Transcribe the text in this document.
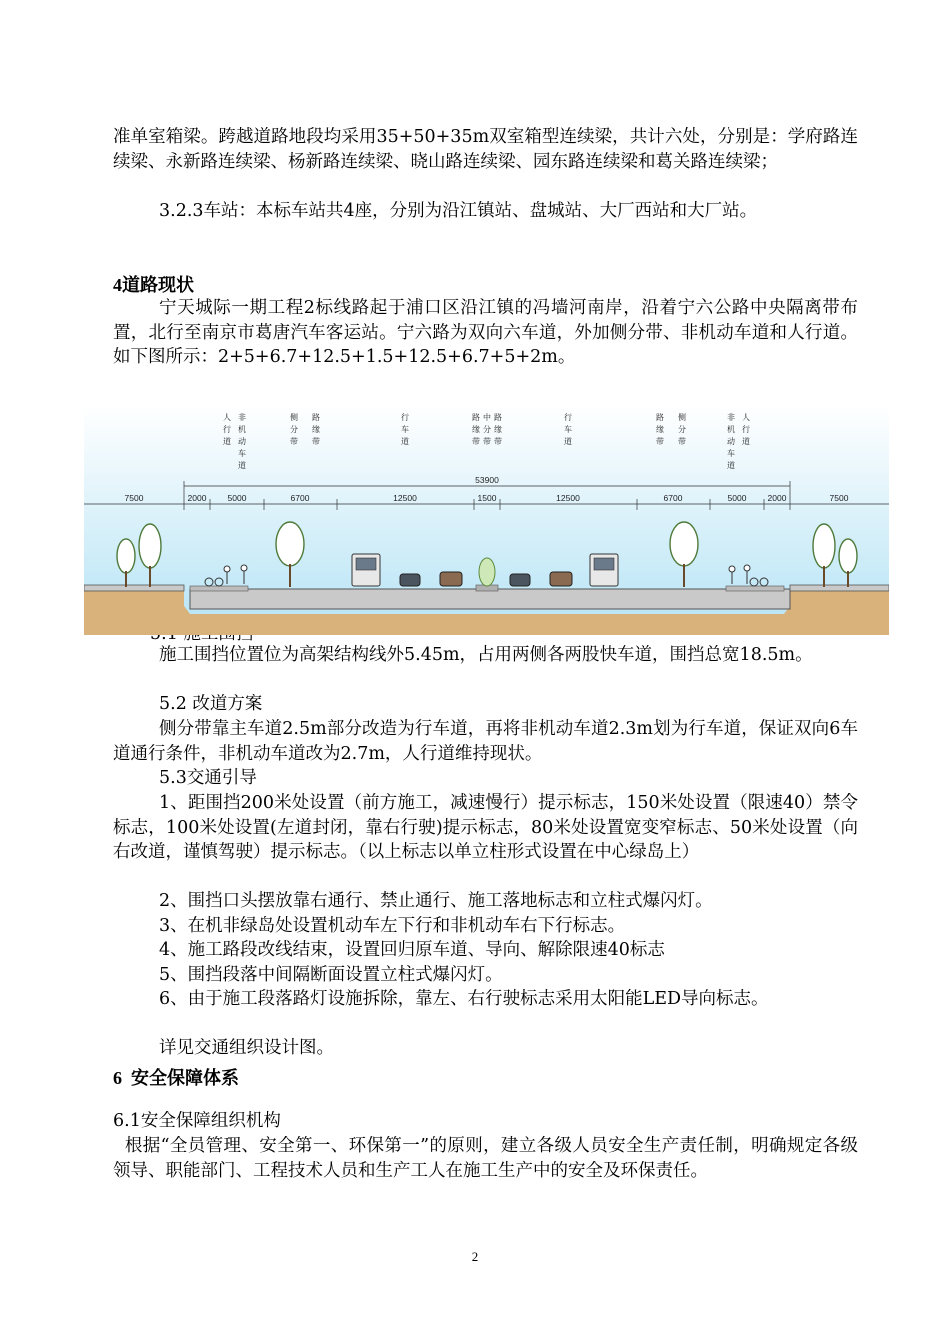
准单室箱梁。跨越道路地段均采用35+50+35m双室箱型连续梁，共计六处，分别是：学府路连续梁、永新路连续梁、杨新路连续梁、晓山路连续梁、园东路连续梁和葛关路连续梁；

3.2.3车站：本标车站共4座，分别为沿江镇站、盘城站、大厂西站和大厂站。

4道路现状

宁天城际一期工程2标线路起于浦口区沿江镇的冯墙河南岸，沿着宁六公路中央隔离带布置，北行至南京市葛唐汽车客运站。宁六路为双向六车道，外加侧分带、非机动车道和人行道。如下图所示：2+5+6.7+12.5+1.5+12.5+6.7+5+2m。

人行道
非机动车道
侧分带
路缘带
行车道
路缘带
中分带
路缘带
行车道
路缘带
侧分带
非机动车道
人行道
53900
7500	2000 5000	6700	12500	1500	12500	6700	5000 2000	7500

施工围挡位置位为高架结构线外5.45m，占用两侧各两股快车道，围挡总宽18.5m。

5.2 改道方案

侧分带靠主车道2.5m部分改造为行车道，再将非机动车道2.3m划为行车道，保证双向6车道通行条件，非机动车道改为2.7m，人行道维持现状。

5.3交通引导

1、距围挡200米处设置（前方施工，减速慢行）提示标志，150米处设置（限速40）禁令标志，100米处设置(左道封闭，靠右行驶)提示标志，80米处设置宽变窄标志、50米处设置（向右改道，谨慎驾驶）提示标志。（以上标志以单立柱形式设置在中心绿岛上）

2、围挡口头摆放靠右通行、禁止通行、施工落地标志和立柱式爆闪灯。

3、在机非绿岛处设置机动车左下行和非机动车右下行标志。

4、施工路段改线结束，设置回归原车道、导向、解除限速40标志

5、围挡段落中间隔断面设置立柱式爆闪灯。

6、由于施工段落路灯设施拆除，靠左、右行驶标志采用太阳能LED导向标志。

详见交通组织设计图。

6  安全保障体系

6.1安全保障组织机构

根据“全员管理、安全第一、环保第一”的原则，建立各级人员安全生产责任制，明确规定各级领导、职能部门、工程技术人员和生产工人在施工生产中的安全及环保责任。

2
